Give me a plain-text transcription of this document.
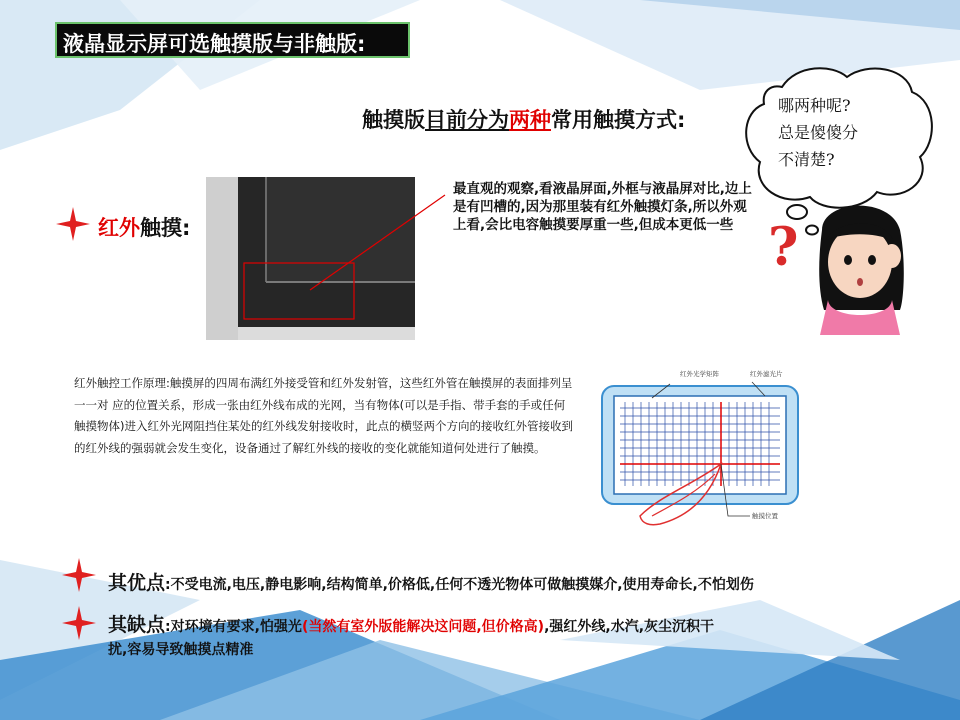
液晶显示屏可选触摸版与非触版:
触摸版目前分为两种常用触摸方式:
红外触摸:
最直观的观察,看液晶屏面,外框与液晶屏对比,边上是有凹槽的,因为那里装有红外触摸灯条,所以外观上看,会比电容触摸要厚重一些,但成本更低一些
红外触控工作原理:触摸屏的四周布满红外接受管和红外发射管，这些红外管在触摸屏的表面排列呈一一对 应的位置关系，形成一张由红外线布成的光网，当有物体(可以是手指、带手套的手或任何触摸物体)进入红外光网阻挡住某处的红外线发射接收时，此点的横竖两个方向的接收红外管接收到的红外线的强弱就会发生变化，设备通过了解红外线的接收的变化就能知道何处进行了触摸。
红外光学矩阵	红外滤光片
触摸位置
其优点:不受电流,电压,静电影响,结构简单,价格低,任何不透光物体可做触摸媒介,使用寿命长,不怕划伤
其缺点:对环境有要求,怕强光(当然有室外版能解决这问题,但价格高),强红外线,水汽,灰尘沉积干扰,容易导致触摸点精准
哪两种呢?
总是傻傻分
不清楚?
?
